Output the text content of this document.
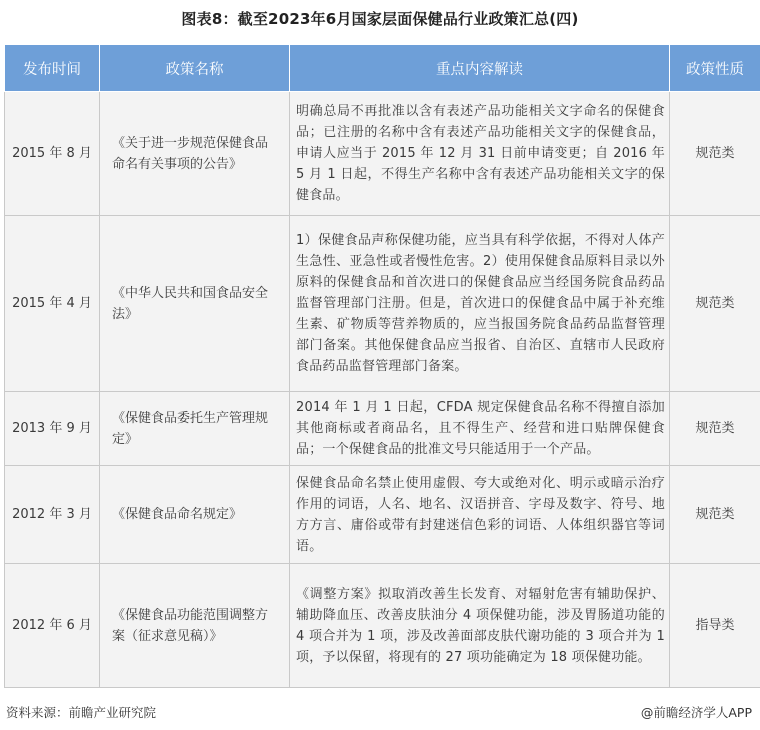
图表8：截至2023年6月国家层面保健品行业政策汇总(四)
发布时间	政策名称	重点内容解读	政策性质
2015 年 8 月	《关于进一步规范保健食品命名有关事项的公告》	明确总局不再批准以含有表述产品功能相关文字命名的保健食品；已注册的名称中含有表述产品功能相关文字的保健食品，申请人应当于 2015 年 12 月 31 日前申请变更；自 2016 年 5 月 1 日起，不得生产名称中含有表述产品功能相关文字的保健食品。	规范类
2015 年 4 月	《中华人民共和国食品安全法》	1）保健食品声称保健功能，应当具有科学依据，不得对人体产生急性、亚急性或者慢性危害。2）使用保健食品原料目录以外原料的保健食品和首次进口的保健食品应当经国务院食品药品监督管理部门注册。但是，首次进口的保健食品中属于补充维生素、矿物质等营养物质的，应当报国务院食品药品监督管理部门备案。其他保健食品应当报省、自治区、直辖市人民政府食品药品监督管理部门备案。	规范类
2013 年 9 月	《保健食品委托生产管理规定》	2014 年 1 月 1 日起，CFDA 规定保健食品名称不得擅自添加其他商标或者商品名，且不得生产、经营和进口贴牌保健食品；一个保健食品的批准文号只能适用于一个产品。	规范类
2012 年 3 月	《保健食品命名规定》	保健食品命名禁止使用虚假、夸大或绝对化、明示或暗示治疗作用的词语，人名、地名、汉语拼音、字母及数字、符号、地方方言、庸俗或带有封建迷信色彩的词语、人体组织器官等词语。	规范类
2012 年 6 月	《保健食品功能范围调整方案（征求意见稿）》	《调整方案》拟取消改善生长发育、对辐射危害有辅助保护、辅助降血压、改善皮肤油分 4 项保健功能，涉及胃肠道功能的 4 项合并为 1 项，涉及改善面部皮肤代谢功能的 3 项合并为 1 项，予以保留，将现有的 27 项功能确定为 18 项保健功能。	指导类
资料来源：前瞻产业研究院	@前瞻经济学人APP
